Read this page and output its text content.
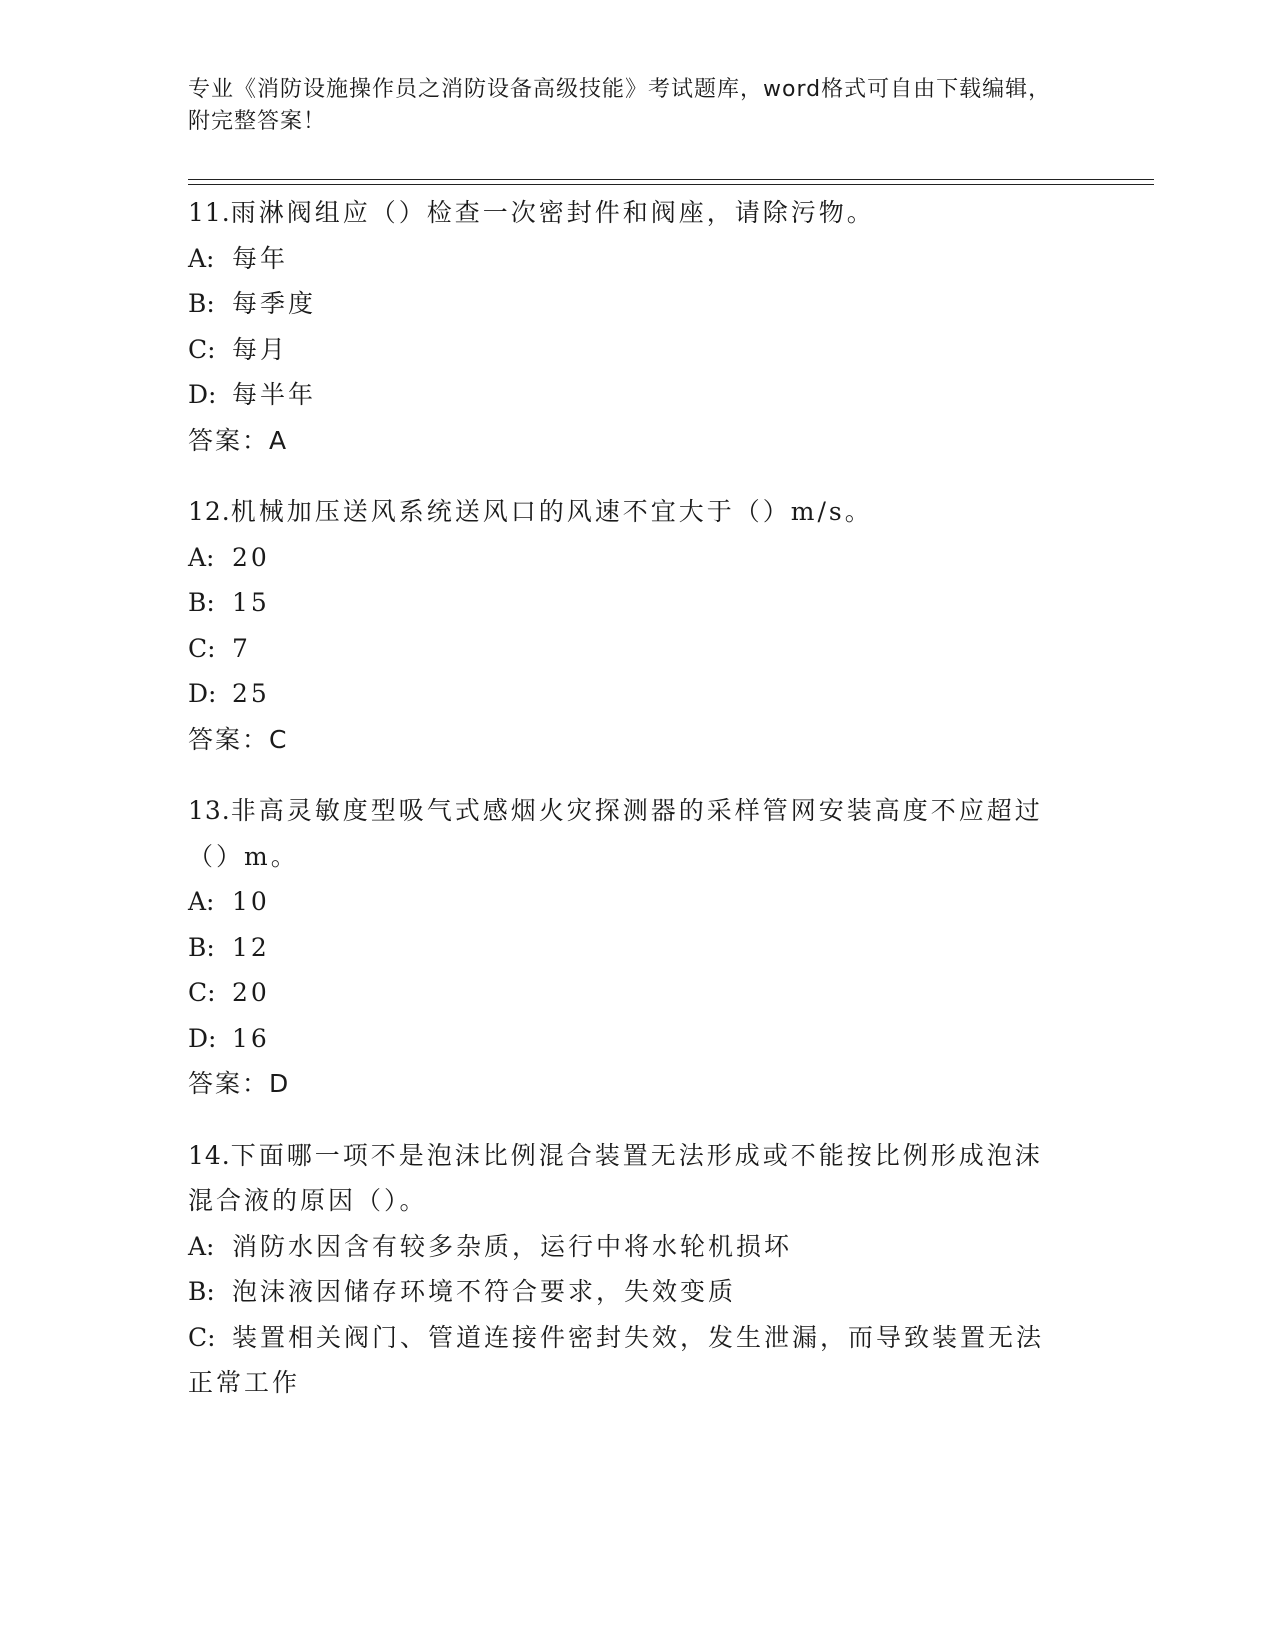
专业《消防设施操作员之消防设备高级技能》考试题库，word格式可自由下载编辑，附完整答案！
11.雨淋阀组应（）检查一次密封件和阀座，请除污物。
A: 每年
B: 每季度
C: 每月
D: 每半年
答案：A
12.机械加压送风系统送风口的风速不宜大于（）m/s。
A: 20
B: 15
C: 7
D: 25
答案：C
13.非高灵敏度型吸气式感烟火灾探测器的采样管网安装高度不应超过（）m。
A: 10
B: 12
C: 20
D: 16
答案：D
14.下面哪一项不是泡沫比例混合装置无法形成或不能按比例形成泡沫混合液的原因（）。
A: 消防水因含有较多杂质，运行中将水轮机损坏
B: 泡沫液因储存环境不符合要求，失效变质
C: 装置相关阀门、管道连接件密封失效，发生泄漏，而导致装置无法正常工作
